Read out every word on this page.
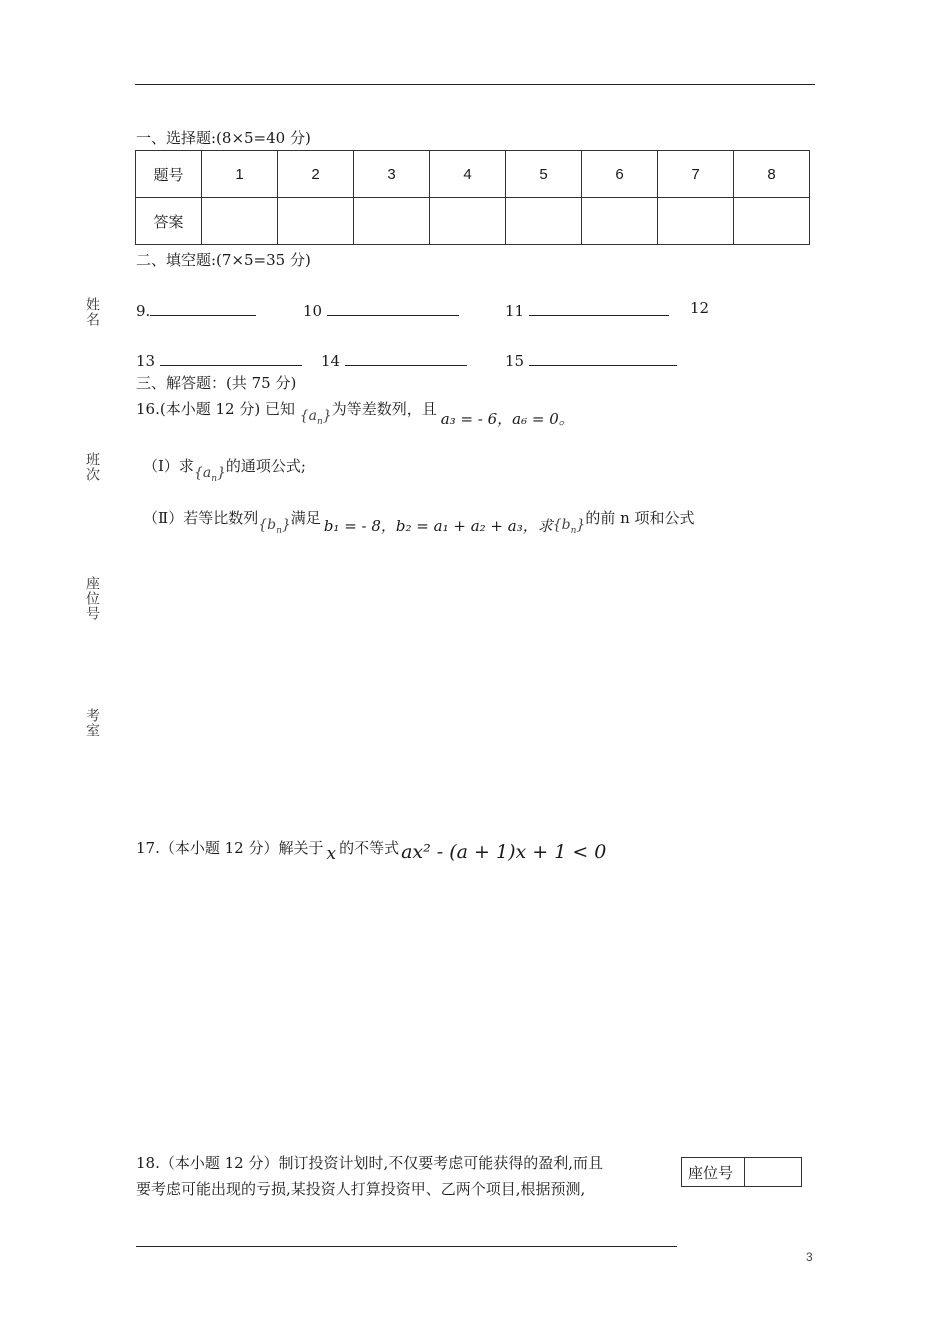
姓名
班次
座位号
考室
一、选择题:(8×5=40 分)
题号	1	2	3	4	5	6	7	8
答案								
二、填空题:(7×5=35 分)
9.	10	11	12
13	14	15
三、解答题：(共 75 分)
16.(本小题 12 分) 已知 $\{a_n\}$为等差数列，且a₃ = - 6，a₆ = 0。
（Ⅰ）求$\{a_n\}$的通项公式;
（Ⅱ）若等比数列$\{b_n\}$满足 b₁ = - 8，b₂ = a₁ + a₂ + a₃，求$\{b_n\}$的前 n 项和公式
17.（本小题 12 分）解关于 x 的不等式 ax² - (a + 1)x + 1 < 0
18.（本小题 12 分）制订投资计划时,不仅要考虑可能获得的盈利,而且
要考虑可能出现的亏损,某投资人打算投资甲、乙两个项目,根据预测,
座位号	
3
